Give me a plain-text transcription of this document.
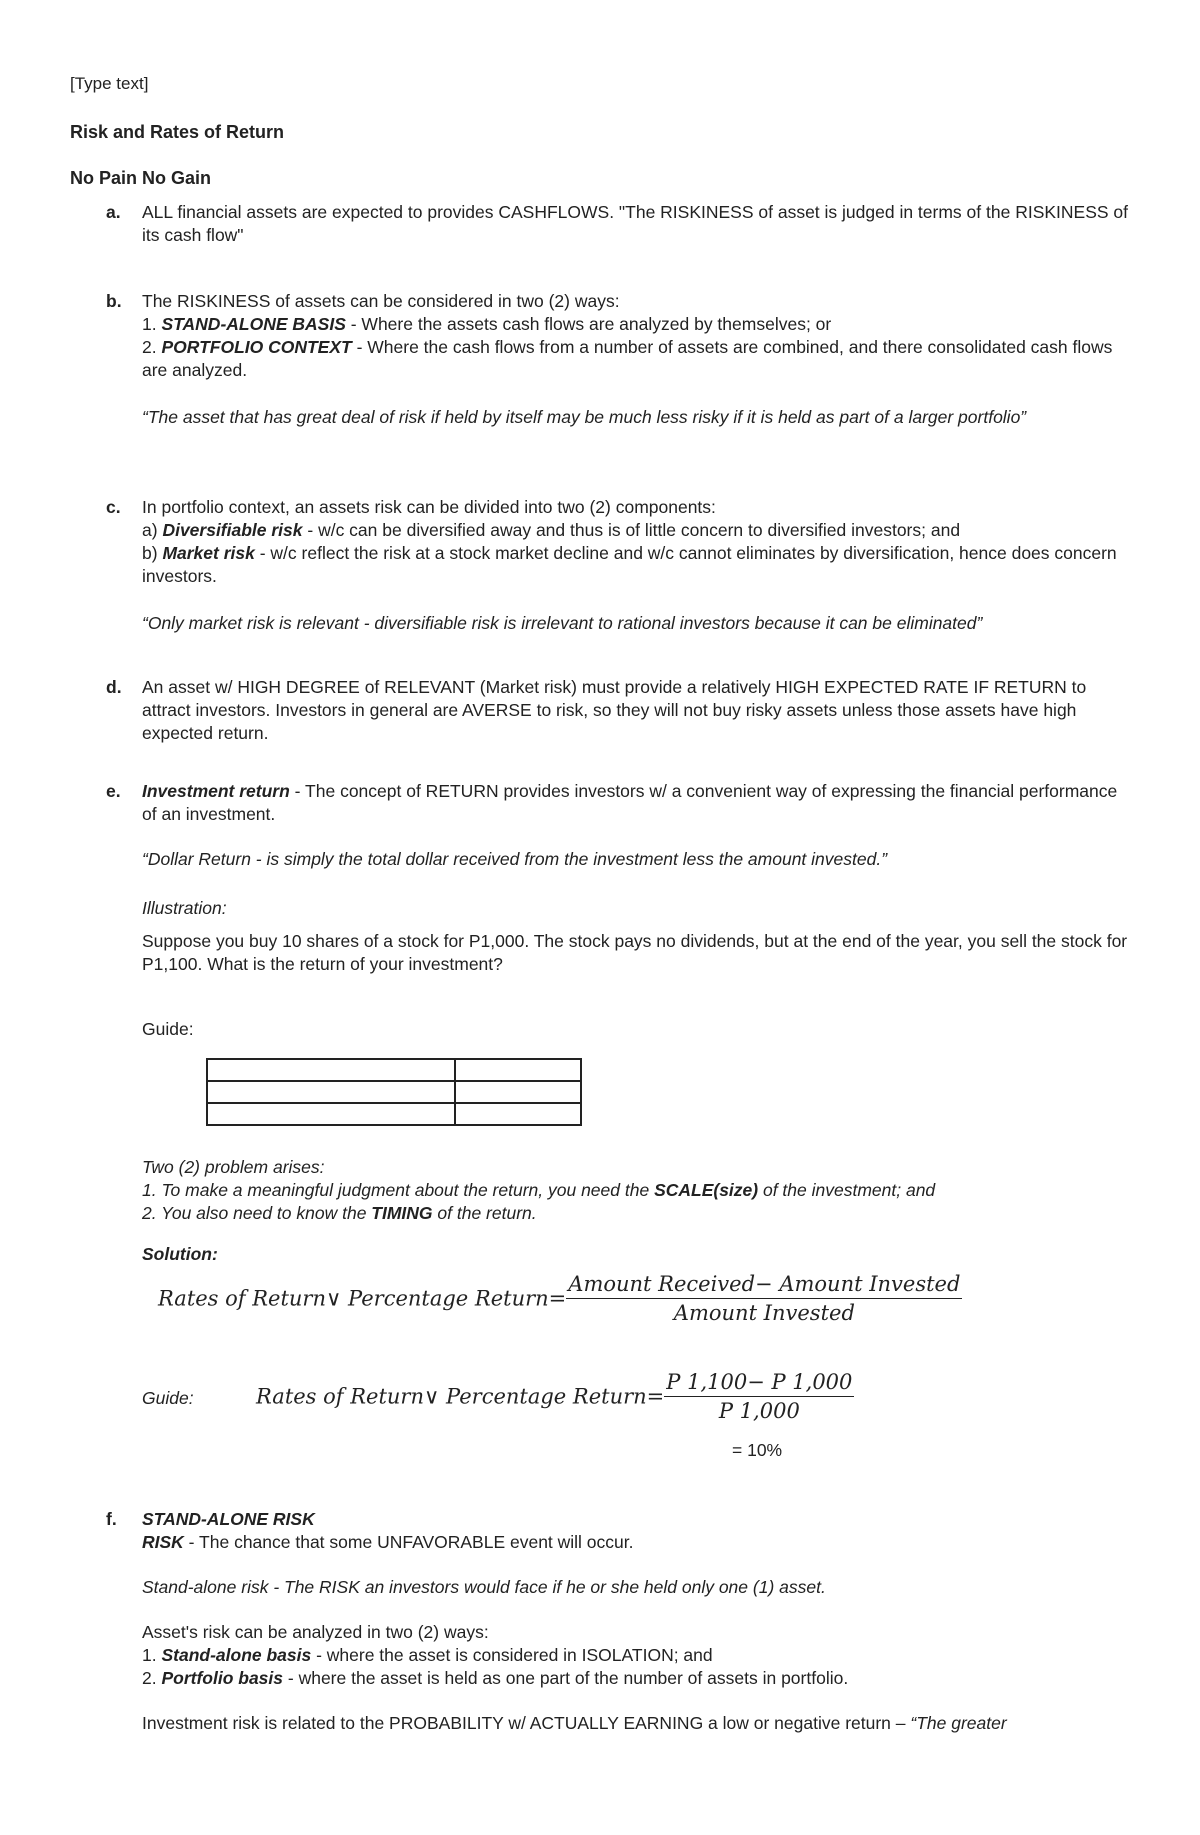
[Type text]
Risk and Rates of Return
No Pain No Gain
a. ALL financial assets are expected to provides CASHFLOWS. "The RISKINESS of asset is judged in terms of the RISKINESS of its cash flow"

b. The RISKINESS of assets can be considered in two (2) ways:

1. STAND-ALONE BASIS - Where the assets cash flows are analyzed by themselves; or

2. PORTFOLIO CONTEXT - Where the cash flows from a number of assets are combined, and there consolidated cash flows are analyzed.

“The asset that has great deal of risk if held by itself may be much less risky if it is held as part of a larger portfolio”

c. In portfolio context, an assets risk can be divided into two (2) components:

a) Diversifiable risk - w/c can be diversified away and thus is of little concern to diversified investors; and

b) Market risk - w/c reflect the risk at a stock market decline and w/c cannot eliminates by diversification, hence does concern investors.

“Only market risk is relevant - diversifiable risk is irrelevant to rational investors because it can be eliminated”

d. An asset w/ HIGH DEGREE of RELEVANT (Market risk) must provide a relatively HIGH EXPECTED RATE IF RETURN to attract investors. Investors in general are AVERSE to risk, so they will not buy risky assets unless those assets have high expected return.

e. Investment return - The concept of RETURN provides investors w/ a convenient way of expressing the financial performance of an investment.

“Dollar Return - is simply the total dollar received from the investment less the amount invested.”

Illustration:

Suppose you buy 10 shares of a stock for P1,000. The stock pays no dividends, but at the end of the year, you sell the stock for P1,100. What is the return of your investment?

Guide:

Two (2) problem arises:

1. To make a meaningful judgment about the return, you need the SCALE(size) of the investment; and

2. You also need to know the TIMING of the return.

Solution:

Rates of Return∨ Percentage Return= $\frac{\text{Amount Received− Amount Invested}}{\text{Amount Invested}}$
Guide:	Rates of Return∨ Percentage Return= $\frac{P 1,100- P 1,000}{P 1,000}$
= 10%
f. STAND-ALONE RISK

RISK - The chance that some UNFAVORABLE event will occur.

Stand-alone risk - The RISK an investors would face if he or she held only one (1) asset.

Asset's risk can be analyzed in two (2) ways:

1. Stand-alone basis - where the asset is considered in ISOLATION; and

2. Portfolio basis - where the asset is held as one part of the number of assets in portfolio.

Investment risk is related to the PROBABILITY w/ ACTUALLY EARNING a low or negative return – “The greater
